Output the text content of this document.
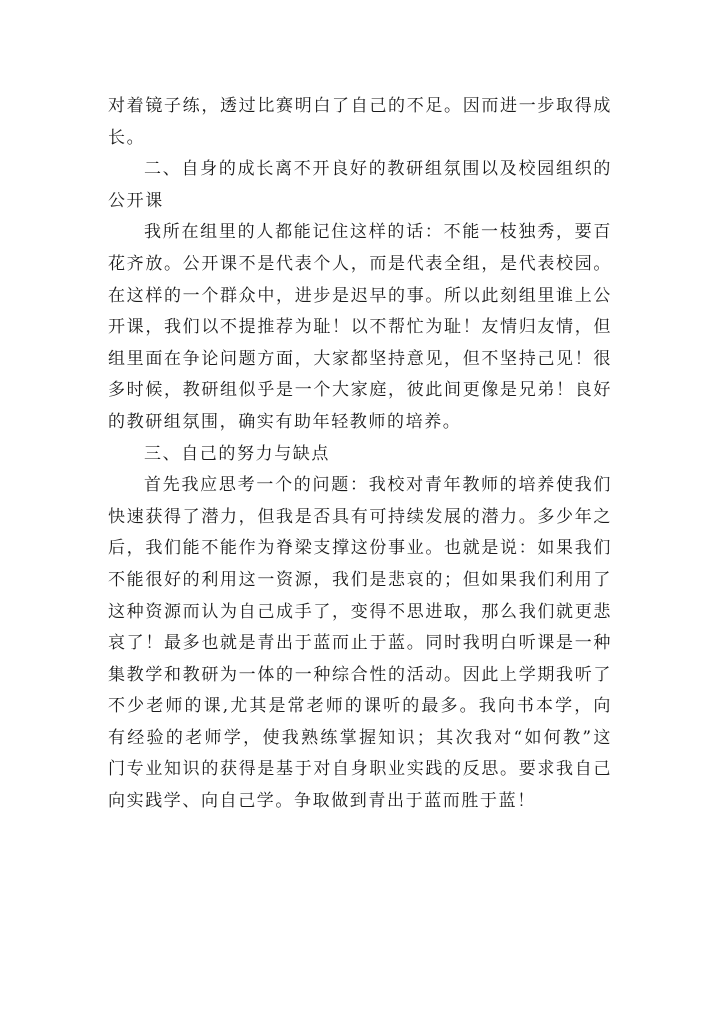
对着镜子练，透过比赛明白了自己的不足。因而进一步取得成长。

二、自身的成长离不开良好的教研组氛围以及校园组织的公开课

我所在组里的人都能记住这样的话：不能一枝独秀，要百花齐放。公开课不是代表个人，而是代表全组，是代表校园。在这样的一个群众中，进步是迟早的事。所以此刻组里谁上公开课，我们以不提推荐为耻！以不帮忙为耻！友情归友情，但组里面在争论问题方面，大家都坚持意见，但不坚持己见！很多时候，教研组似乎是一个大家庭，彼此间更像是兄弟！良好的教研组氛围，确实有助年轻教师的培养。

三、自己的努力与缺点

首先我应思考一个的问题：我校对青年教师的培养使我们快速获得了潜力，但我是否具有可持续发展的潜力。多少年之后，我们能不能作为脊梁支撑这份事业。也就是说：如果我们不能很好的利用这一资源，我们是悲哀的；但如果我们利用了这种资源而认为自己成手了，变得不思进取，那么我们就更悲哀了！最多也就是青出于蓝而止于蓝。同时我明白听课是一种集教学和教研为一体的一种综合性的活动。因此上学期我听了不少老师的课,尤其是常老师的课听的最多。我向书本学，向有经验的老师学，使我熟练掌握知识；其次我对“如何教”这门专业知识的获得是基于对自身职业实践的反思。要求我自己向实践学、向自己学。争取做到青出于蓝而胜于蓝！
